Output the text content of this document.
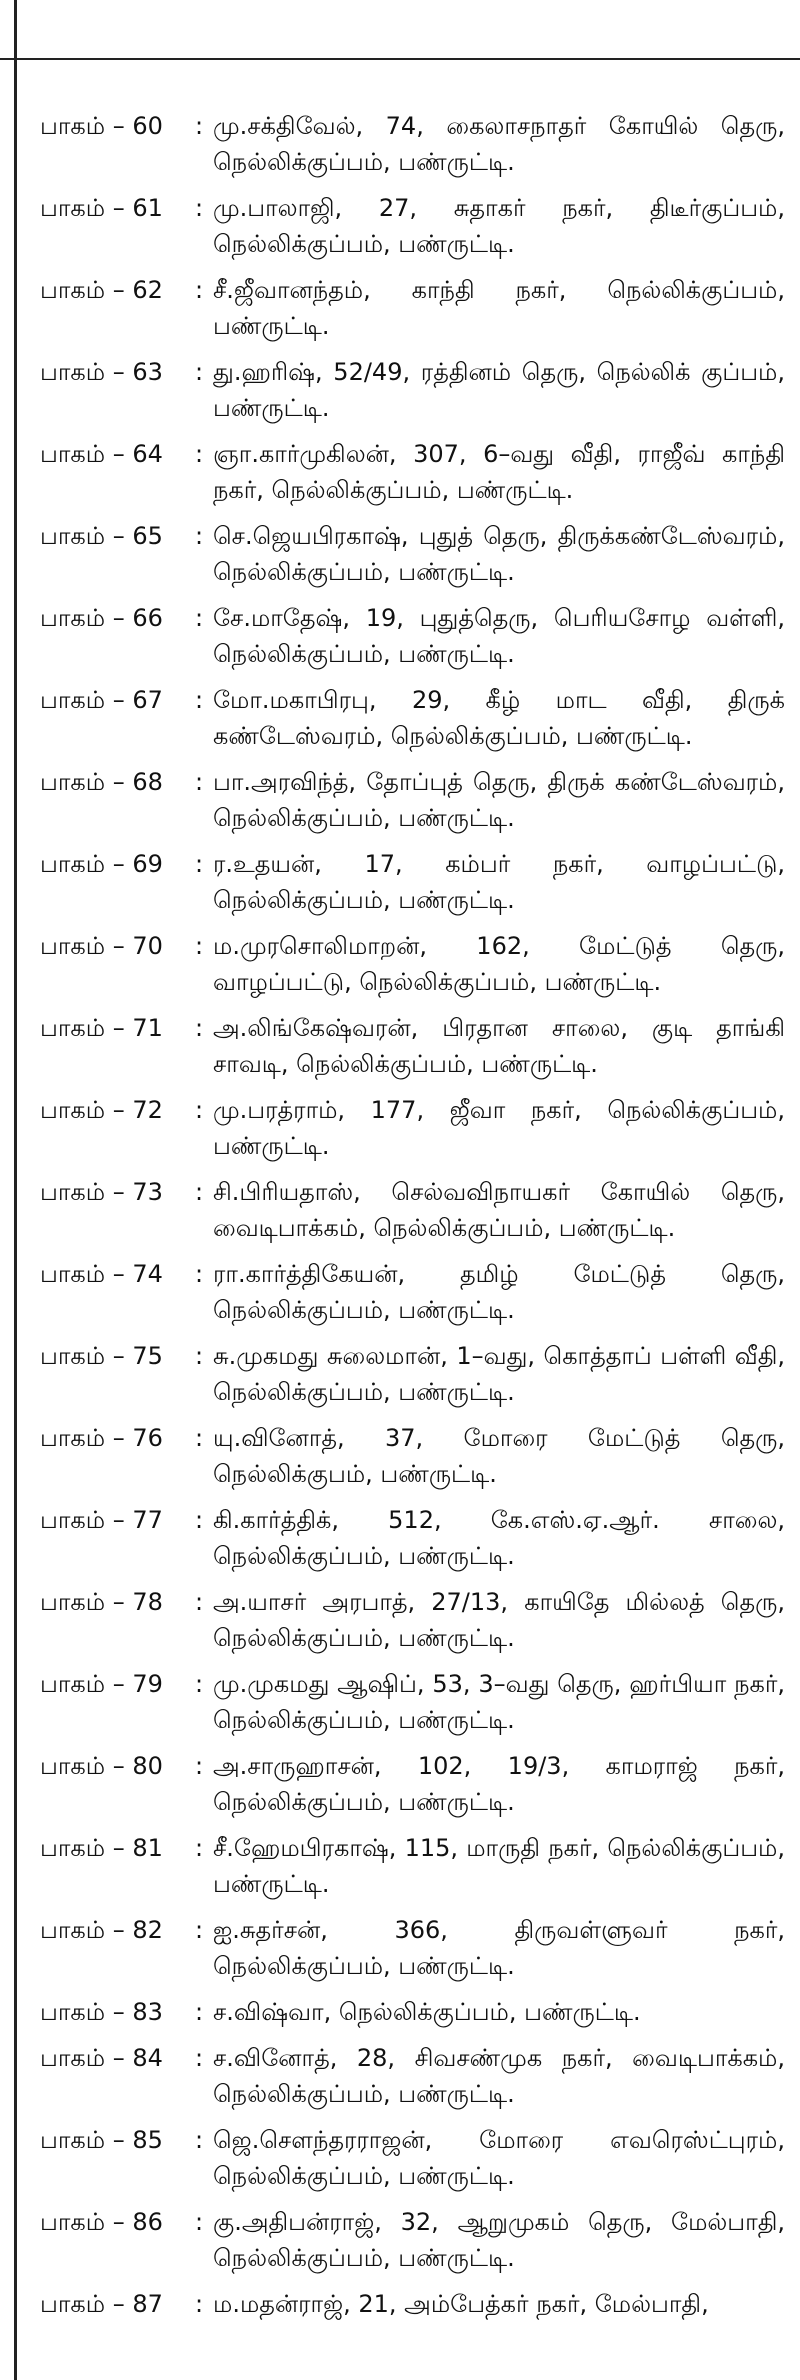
பாகம் – 60	: மு.சக்திவேல், 74, கைலாசநாதர் கோயில் தெரு, நெல்லிக்குப்பம், பண்ருட்டி.
பாகம் – 61	: மு.பாலாஜி, 27, சுதாகர் நகர், திடீர்குப்பம், நெல்லிக்குப்பம், பண்ருட்டி.
பாகம் – 62	: சீ.ஜீவானந்தம், காந்தி நகர், நெல்லிக்குப்பம், பண்ருட்டி.
பாகம் – 63	: து.ஹரிஷ், 52/49, ரத்தினம் தெரு, நெல்லிக் குப்பம், பண்ருட்டி.
பாகம் – 64	: ஞா.கார்முகிலன், 307, 6–வது வீதி, ராஜீவ் காந்தி நகர், நெல்லிக்குப்பம், பண்ருட்டி.
பாகம் – 65	: செ.ஜெயபிரகாஷ், புதுத் தெரு, திருக்கண்டேஸ்வரம், நெல்லிக்குப்பம், பண்ருட்டி.
பாகம் – 66	: சே.மாதேஷ், 19, புதுத்தெரு, பெரியசோழ வள்ளி, நெல்லிக்குப்பம், பண்ருட்டி.
பாகம் – 67	: மோ.மகாபிரபு, 29, கீழ் மாட வீதி, திருக் கண்டேஸ்வரம், நெல்லிக்குப்பம், பண்ருட்டி.
பாகம் – 68	: பா.அரவிந்த், தோப்புத் தெரு, திருக் கண்டேஸ்வரம், நெல்லிக்குப்பம், பண்ருட்டி.
பாகம் – 69	: ர.உதயன், 17, கம்பர் நகர், வாழப்பட்டு, நெல்லிக்குப்பம், பண்ருட்டி.
பாகம் – 70	: ம.முரசொலிமாறன், 162, மேட்டுத் தெரு, வாழப்பட்டு, நெல்லிக்குப்பம், பண்ருட்டி.
பாகம் – 71	: அ.லிங்கேஷ்வரன், பிரதான சாலை, குடி தாங்கி சாவடி, நெல்லிக்குப்பம், பண்ருட்டி.
பாகம் – 72	: மு.பரத்ராம், 177, ஜீவா நகர், நெல்லிக்குப்பம், பண்ருட்டி.
பாகம் – 73	: சி.பிரியதாஸ், செல்வவிநாயகர் கோயில் தெரு, வைடிபாக்கம், நெல்லிக்குப்பம், பண்ருட்டி.
பாகம் – 74	: ரா.கார்த்திகேயன், தமிழ் மேட்டுத் தெரு, நெல்லிக்குப்பம், பண்ருட்டி.
பாகம் – 75	: சு.முகமது சுலைமான், 1–வது, கொத்தாப் பள்ளி வீதி, நெல்லிக்குப்பம், பண்ருட்டி.
பாகம் – 76	: யு.வினோத், 37, மோரை மேட்டுத் தெரு, நெல்லிக்குபம், பண்ருட்டி.
பாகம் – 77	: கி.கார்த்திக், 512, கே.எஸ்.ஏ.ஆர். சாலை, நெல்லிக்குப்பம், பண்ருட்டி.
பாகம் – 78	: அ.யாசர் அரபாத், 27/13, காயிதே மில்லத் தெரு, நெல்லிக்குப்பம், பண்ருட்டி.
பாகம் – 79	: மு.முகமது ஆஷிப், 53, 3–வது தெரு, ஹர்பியா நகர், நெல்லிக்குப்பம், பண்ருட்டி.
பாகம் – 80	: அ.சாருஹாசன், 102, 19/3, காமராஜ் நகர், நெல்லிக்குப்பம், பண்ருட்டி.
பாகம் – 81	: சீ.ஹேமபிரகாஷ், 115, மாருதி நகர், நெல்லிக்குப்பம், பண்ருட்டி.
பாகம் – 82	: ஐ.சுதர்சன், 366, திருவள்ளுவர் நகர், நெல்லிக்குப்பம், பண்ருட்டி.
பாகம் – 83	: ச.விஷ்வா, நெல்லிக்குப்பம், பண்ருட்டி.
பாகம் – 84	: ச.வினோத், 28, சிவசண்முக நகர், வைடிபாக்கம், நெல்லிக்குப்பம், பண்ருட்டி.
பாகம் – 85	: ஜெ.சௌந்தரராஜன், மோரை எவரெஸ்ட்புரம், நெல்லிக்குப்பம், பண்ருட்டி.
பாகம் – 86	: கு.அதிபன்ராஜ், 32, ஆறுமுகம் தெரு, மேல்பாதி, நெல்லிக்குப்பம், பண்ருட்டி.
பாகம் – 87	: ம.மதன்ராஜ், 21, அம்பேத்கர் நகர், மேல்பாதி,
